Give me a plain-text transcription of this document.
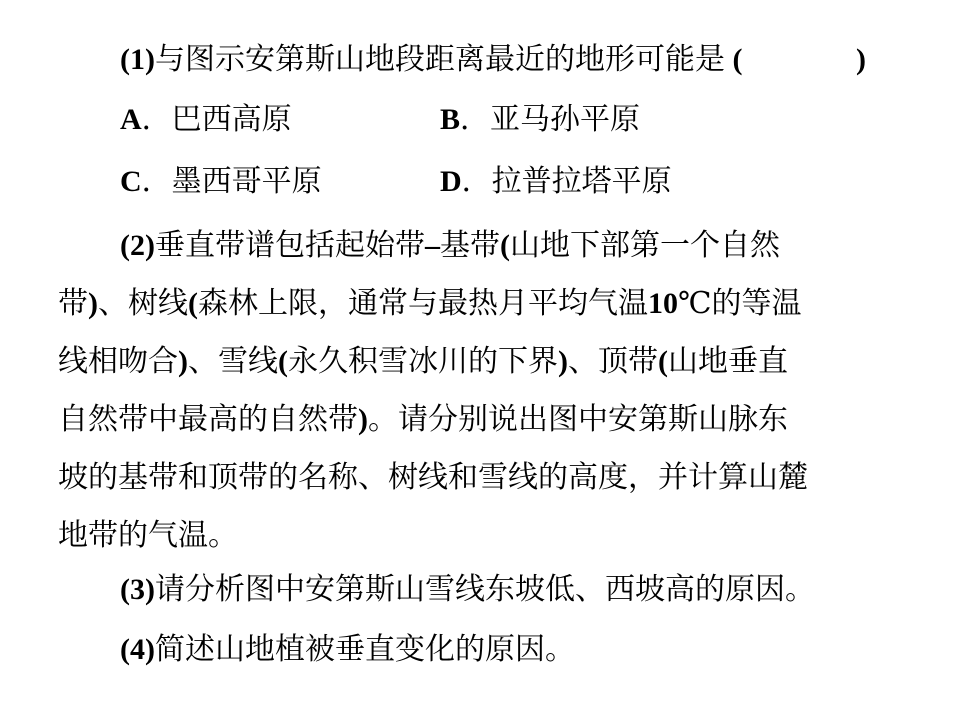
(1)与图示安第斯山地段距离最近的地形可能是 (	)
A．巴西高原	B．亚马孙平原
C．墨西哥平原	D．拉普拉塔平原
(2)垂直带谱包括起始带–基带(山地下部第一个自然
带)、树线(森林上限，通常与最热月平均气温10℃的等温
线相吻合)、雪线(永久积雪冰川的下界)、顶带(山地垂直
自然带中最高的自然带)。请分别说出图中安第斯山脉东
坡的基带和顶带的名称、树线和雪线的高度，并计算山麓
地带的气温。
(3)请分析图中安第斯山雪线东坡低、西坡高的原因。
(4)简述山地植被垂直变化的原因。
